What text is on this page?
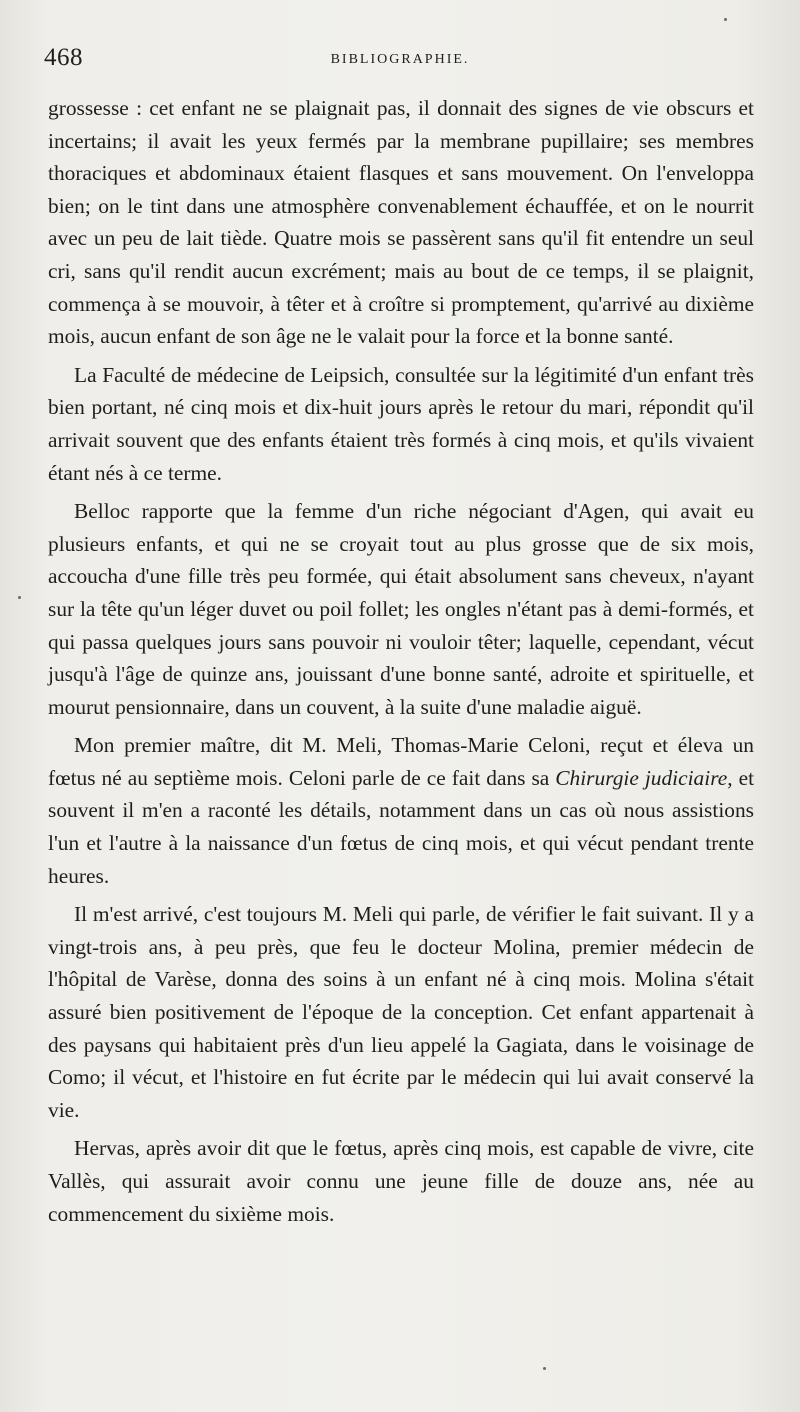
468	BIBLIOGRAPHIE.

grossesse : cet enfant ne se plaignait pas, il donnait des signes de vie obscurs et incertains; il avait les yeux fermés par la membrane pupillaire; ses membres thoraciques et abdominaux étaient flasques et sans mouvement. On l'enveloppa bien; on le tint dans une atmosphère convenablement échauffée, et on le nourrit avec un peu de lait tiède. Quatre mois se passèrent sans qu'il fit entendre un seul cri, sans qu'il rendit aucun excrément; mais au bout de ce temps, il se plaignit, commença à se mouvoir, à têter et à croître si promptement, qu'arrivé au dixième mois, aucun enfant de son âge ne le valait pour la force et la bonne santé.

La Faculté de médecine de Leipsich, consultée sur la légitimité d'un enfant très bien portant, né cinq mois et dix-huit jours après le retour du mari, répondit qu'il arrivait souvent que des enfants étaient très formés à cinq mois, et qu'ils vivaient étant nés à ce terme.

Belloc rapporte que la femme d'un riche négociant d'Agen, qui avait eu plusieurs enfants, et qui ne se croyait tout au plus grosse que de six mois, accoucha d'une fille très peu formée, qui était absolument sans cheveux, n'ayant sur la tête qu'un léger duvet ou poil follet; les ongles n'étant pas à demi-formés, et qui passa quelques jours sans pouvoir ni vouloir têter; laquelle, cependant, vécut jusqu'à l'âge de quinze ans, jouissant d'une bonne santé, adroite et spirituelle, et mourut pensionnaire, dans un couvent, à la suite d'une maladie aiguë.

Mon premier maître, dit M. Meli, Thomas-Marie Celoni, reçut et éleva un fœtus né au septième mois. Celoni parle de ce fait dans sa Chirurgie judiciaire, et souvent il m'en a raconté les détails, notamment dans un cas où nous assistions l'un et l'autre à la naissance d'un fœtus de cinq mois, et qui vécut pendant trente heures.

Il m'est arrivé, c'est toujours M. Meli qui parle, de vérifier le fait suivant. Il y a vingt-trois ans, à peu près, que feu le docteur Molina, premier médecin de l'hôpital de Varèse, donna des soins à un enfant né à cinq mois. Molina s'était assuré bien positivement de l'époque de la conception. Cet enfant appartenait à des paysans qui habitaient près d'un lieu appelé la Gagiata, dans le voisinage de Como; il vécut, et l'histoire en fut écrite par le médecin qui lui avait conservé la vie.

Hervas, après avoir dit que le fœtus, après cinq mois, est capable de vivre, cite Vallès, qui assurait avoir connu une jeune fille de douze ans, née au commencement du sixième mois.
